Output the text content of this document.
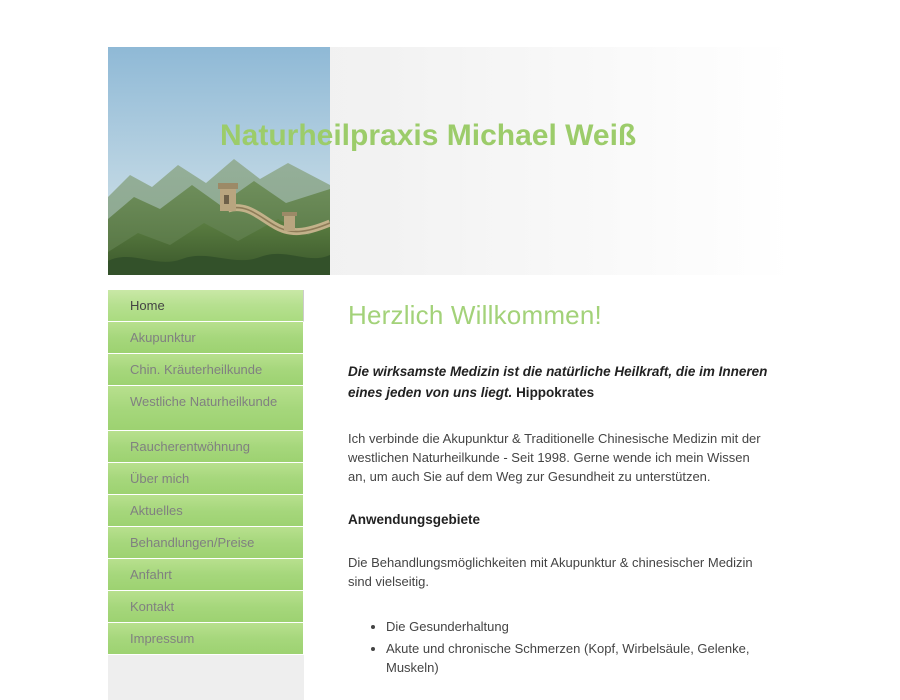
Naturheilpraxis Michael Weiß
Home
Akupunktur
Chin. Kräuterheilkunde
Westliche Naturheilkunde
Raucherentwöhnung
Über mich
Aktuelles
Behandlungen/Preise
Anfahrt
Kontakt
Impressum
Herzlich Willkommen!

Die wirksamste Medizin ist die natürliche Heilkraft, die im Inneren eines jeden von uns liegt. Hippokrates

Ich verbinde die Akupunktur & Traditionelle Chinesische Medizin mit der westlichen Naturheilkunde - Seit 1998. Gerne wende ich mein Wissen an, um auch Sie auf dem Weg zur Gesundheit zu unterstützen.

Anwendungsgebiete

Die Behandlungsmöglichkeiten mit Akupunktur & chinesischer Medizin sind vielseitig.

• Die Gesunderhaltung
• Akute und chronische Schmerzen (Kopf, Wirbelsäule, Gelenke, Muskeln)
